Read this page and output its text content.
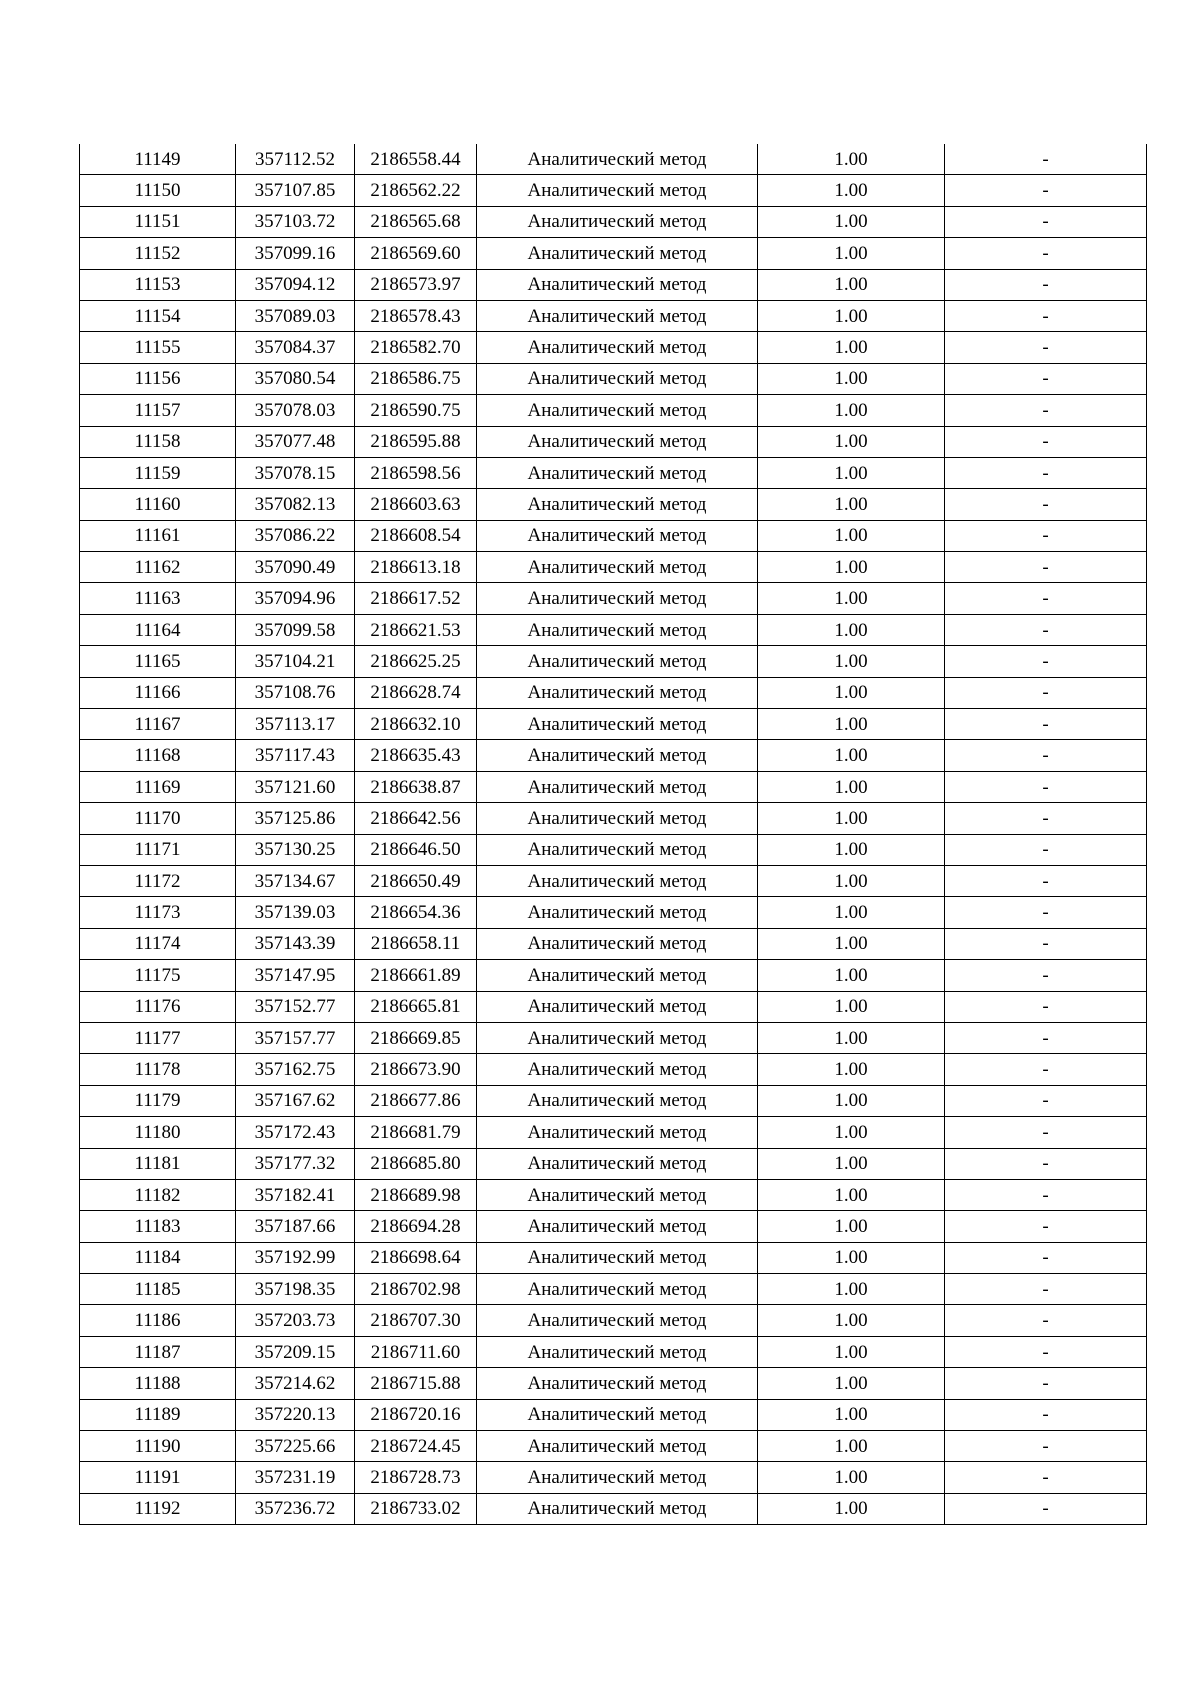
11149	357112.52	2186558.44	Аналитический метод	1.00	-
11150	357107.85	2186562.22	Аналитический метод	1.00	-
11151	357103.72	2186565.68	Аналитический метод	1.00	-
11152	357099.16	2186569.60	Аналитический метод	1.00	-
11153	357094.12	2186573.97	Аналитический метод	1.00	-
11154	357089.03	2186578.43	Аналитический метод	1.00	-
11155	357084.37	2186582.70	Аналитический метод	1.00	-
11156	357080.54	2186586.75	Аналитический метод	1.00	-
11157	357078.03	2186590.75	Аналитический метод	1.00	-
11158	357077.48	2186595.88	Аналитический метод	1.00	-
11159	357078.15	2186598.56	Аналитический метод	1.00	-
11160	357082.13	2186603.63	Аналитический метод	1.00	-
11161	357086.22	2186608.54	Аналитический метод	1.00	-
11162	357090.49	2186613.18	Аналитический метод	1.00	-
11163	357094.96	2186617.52	Аналитический метод	1.00	-
11164	357099.58	2186621.53	Аналитический метод	1.00	-
11165	357104.21	2186625.25	Аналитический метод	1.00	-
11166	357108.76	2186628.74	Аналитический метод	1.00	-
11167	357113.17	2186632.10	Аналитический метод	1.00	-
11168	357117.43	2186635.43	Аналитический метод	1.00	-
11169	357121.60	2186638.87	Аналитический метод	1.00	-
11170	357125.86	2186642.56	Аналитический метод	1.00	-
11171	357130.25	2186646.50	Аналитический метод	1.00	-
11172	357134.67	2186650.49	Аналитический метод	1.00	-
11173	357139.03	2186654.36	Аналитический метод	1.00	-
11174	357143.39	2186658.11	Аналитический метод	1.00	-
11175	357147.95	2186661.89	Аналитический метод	1.00	-
11176	357152.77	2186665.81	Аналитический метод	1.00	-
11177	357157.77	2186669.85	Аналитический метод	1.00	-
11178	357162.75	2186673.90	Аналитический метод	1.00	-
11179	357167.62	2186677.86	Аналитический метод	1.00	-
11180	357172.43	2186681.79	Аналитический метод	1.00	-
11181	357177.32	2186685.80	Аналитический метод	1.00	-
11182	357182.41	2186689.98	Аналитический метод	1.00	-
11183	357187.66	2186694.28	Аналитический метод	1.00	-
11184	357192.99	2186698.64	Аналитический метод	1.00	-
11185	357198.35	2186702.98	Аналитический метод	1.00	-
11186	357203.73	2186707.30	Аналитический метод	1.00	-
11187	357209.15	2186711.60	Аналитический метод	1.00	-
11188	357214.62	2186715.88	Аналитический метод	1.00	-
11189	357220.13	2186720.16	Аналитический метод	1.00	-
11190	357225.66	2186724.45	Аналитический метод	1.00	-
11191	357231.19	2186728.73	Аналитический метод	1.00	-
11192	357236.72	2186733.02	Аналитический метод	1.00	-
